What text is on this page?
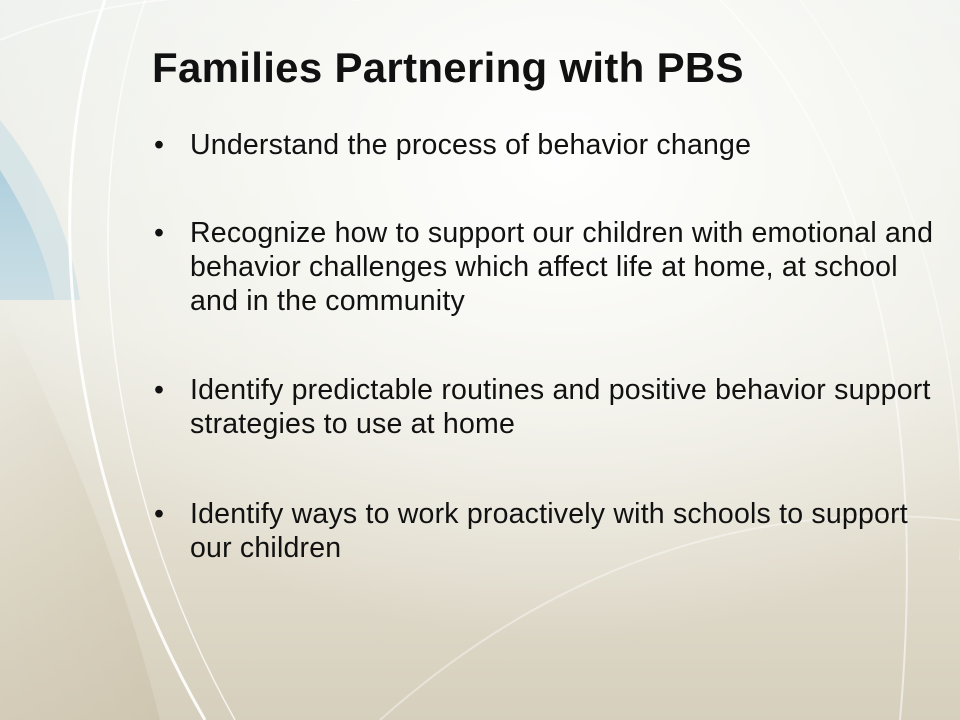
Families Partnering with PBS
• Understand the process of behavior change
• Recognize how to support our children with emotional and behavior challenges which affect life at home, at school and in the community
• Identify predictable routines and positive behavior support strategies to use at home
• Identify ways to work proactively with schools to support our children
